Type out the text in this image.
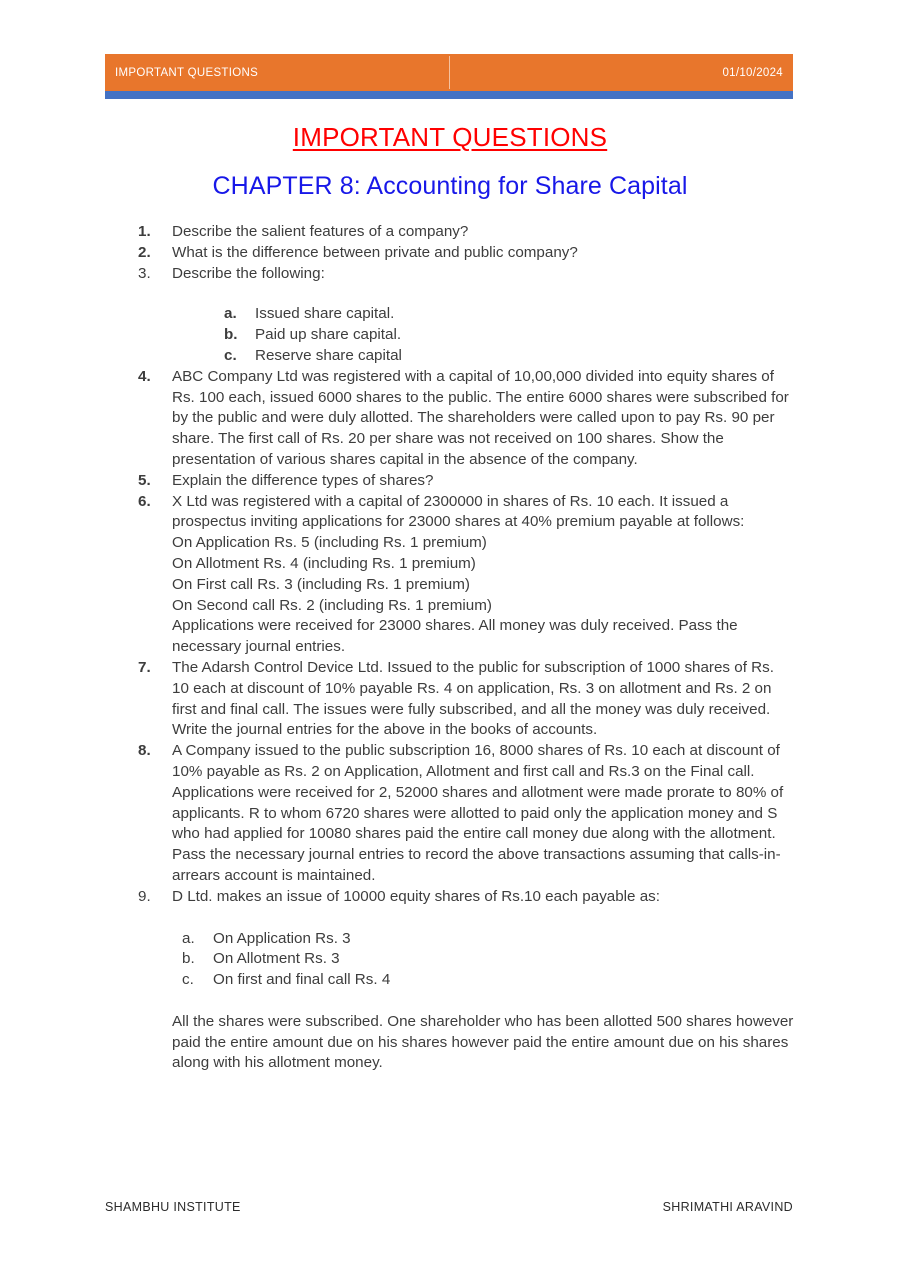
IMPORTANT QUESTIONS	01/10/2024
IMPORTANT QUESTIONS
CHAPTER 8: Accounting for Share Capital
1.	Describe the salient features of a company?
2.	What is the difference between private and public company?
3.	Describe the following:
a. Issued share capital.
b. Paid up share capital.
c. Reserve share capital
4.	ABC Company Ltd was registered with a capital of 10,00,000 divided into equity shares of Rs. 100 each, issued 6000 shares to the public. The entire 6000 shares were subscribed for by the public and were duly allotted. The shareholders were called upon to pay Rs. 90 per share. The first call of Rs. 20 per share was not received on 100 shares. Show the presentation of various shares capital in the absence of the company.
5.	Explain the difference types of shares?
6.	X Ltd was registered with a capital of 2300000 in shares of Rs. 10 each. It issued a prospectus inviting applications for 23000 shares at 40% premium payable at follows:
On Application Rs. 5 (including Rs. 1 premium)
On Allotment Rs. 4 (including Rs. 1 premium)
On First call Rs. 3 (including Rs. 1 premium)
On Second call Rs. 2 (including Rs. 1 premium)
Applications were received for 23000 shares. All money was duly received. Pass the necessary journal entries.
7.	The Adarsh Control Device Ltd. Issued to the public for subscription of 1000 shares of Rs. 10 each at discount of 10% payable Rs. 4 on application, Rs. 3 on allotment and Rs. 2 on first and final call. The issues were fully subscribed, and all the money was duly received.
Write the journal entries for the above in the books of accounts.
8.	A Company issued to the public subscription 16, 8000 shares of Rs. 10 each at discount of 10% payable as Rs. 2 on Application, Allotment and first call and Rs.3 on the Final call. Applications were received for 2, 52000 shares and allotment were made prorate to 80% of applicants. R to whom 6720 shares were allotted to paid only the application money and S who had applied for 10080 shares paid the entire call money due along with the allotment. Pass the necessary journal entries to record the above transactions assuming that calls-in-arrears account is maintained.
9.	D Ltd. makes an issue of 10000 equity shares of Rs.10 each payable as:
a. On Application Rs. 3
b. On Allotment Rs. 3
c. On first and final call Rs. 4
All the shares were subscribed. One shareholder who has been allotted 500 shares however paid the entire amount due on his shares however paid the entire amount due on his shares along with his allotment money.
SHAMBHU INSTITUTE	SHRIMATHI ARAVIND
